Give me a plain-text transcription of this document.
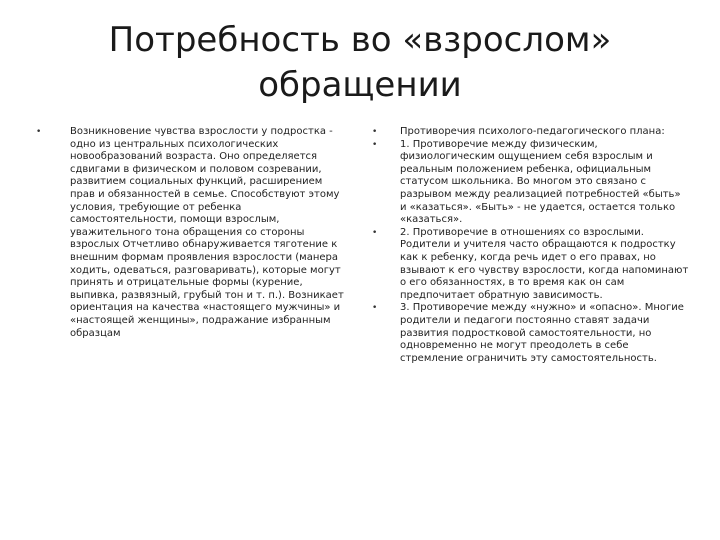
Потребность во «взрослом» обращении
•	Возникновение чувства взрослости у подростка - одно из центральных психологических новообразований возраста. Оно определяется сдвигами в физическом и половом созревании, развитием социальных функций, расширением прав и обязанностей в семье. Способствуют этому условия, требующие от ребенка самостоятельности, помощи взрослым, уважительного тона обращения со стороны взрослых Отчетливо обнаруживается тяготение к внешним формам проявления взрослости (манера ходить, одеваться, разговаривать), которые могут принять и отрицательные формы (курение, выпивка, развязный, грубый тон и т. п.). Возникает ориентация на качества «настоящего мужчины» и «настоящей женщины», подражание избранным образцам
•	Противоречия психолого-педагогического плана:
•	1. Противоречие между физическим, физиологическим ощущением себя взрослым и реальным положением ребенка, официальным статусом школьника. Во многом это связано с разрывом между реализацией потребностей «быть» и «казаться». «Быть» - не удается, остается только «казаться».
•	2. Противоречие в отношениях со взрослыми. Родители и учителя часто обращаются к подростку как к ребенку, когда речь идет о его правах, но взывают к его чувству взрослости, когда напоминают о его обязанностях, в то время как он сам предпочитает обратную зависимость.
•	3. Противоречие между «нужно» и «опасно». Многие родители и педагоги постоянно ставят задачи развития подростковой самостоятельности, но одновременно не могут преодолеть в себе стремление ограничить эту самостоятельность.
